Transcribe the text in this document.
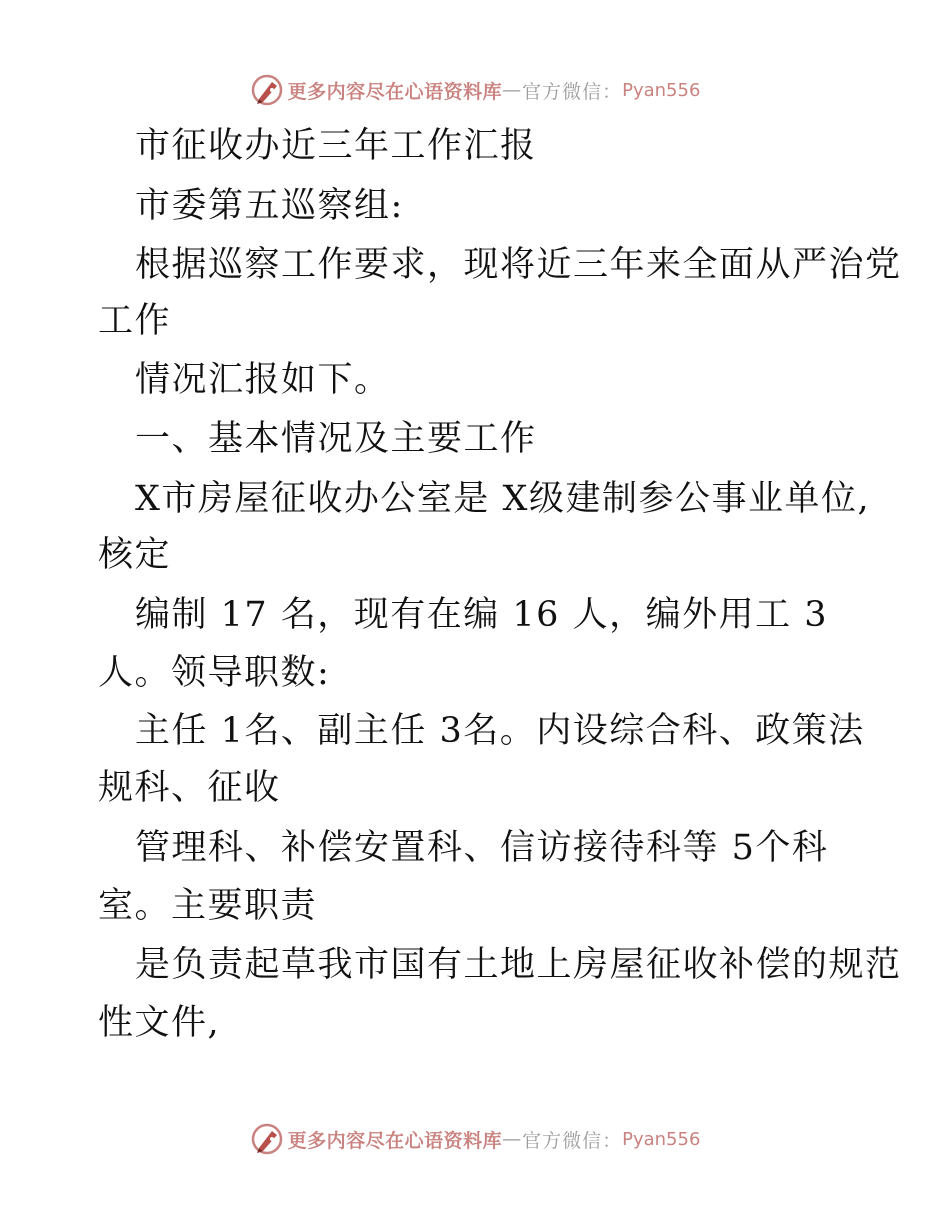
更多内容尽在心语资料库 — 官方微信： Pyan556
市征收办近三年工作汇报
市委第五巡察组:
根据巡察工作要求，现将近三年来全面从严治党
工作
情况汇报如下。
一、基本情况及主要工作
X市房屋征收办公室是 X级建制参公事业单位,
核定
编制 17 名，现有在编 16 人，编外用工 3
人。领导职数:
主任 1名、副主任 3名。内设综合科、政策法
规科、征收
管理科、补偿安置科、信访接待科等 5个科
室。主要职责
是负责起草我市国有土地上房屋征收补偿的规范
性文件,
更多内容尽在心语资料库 — 官方微信： Pyan556
